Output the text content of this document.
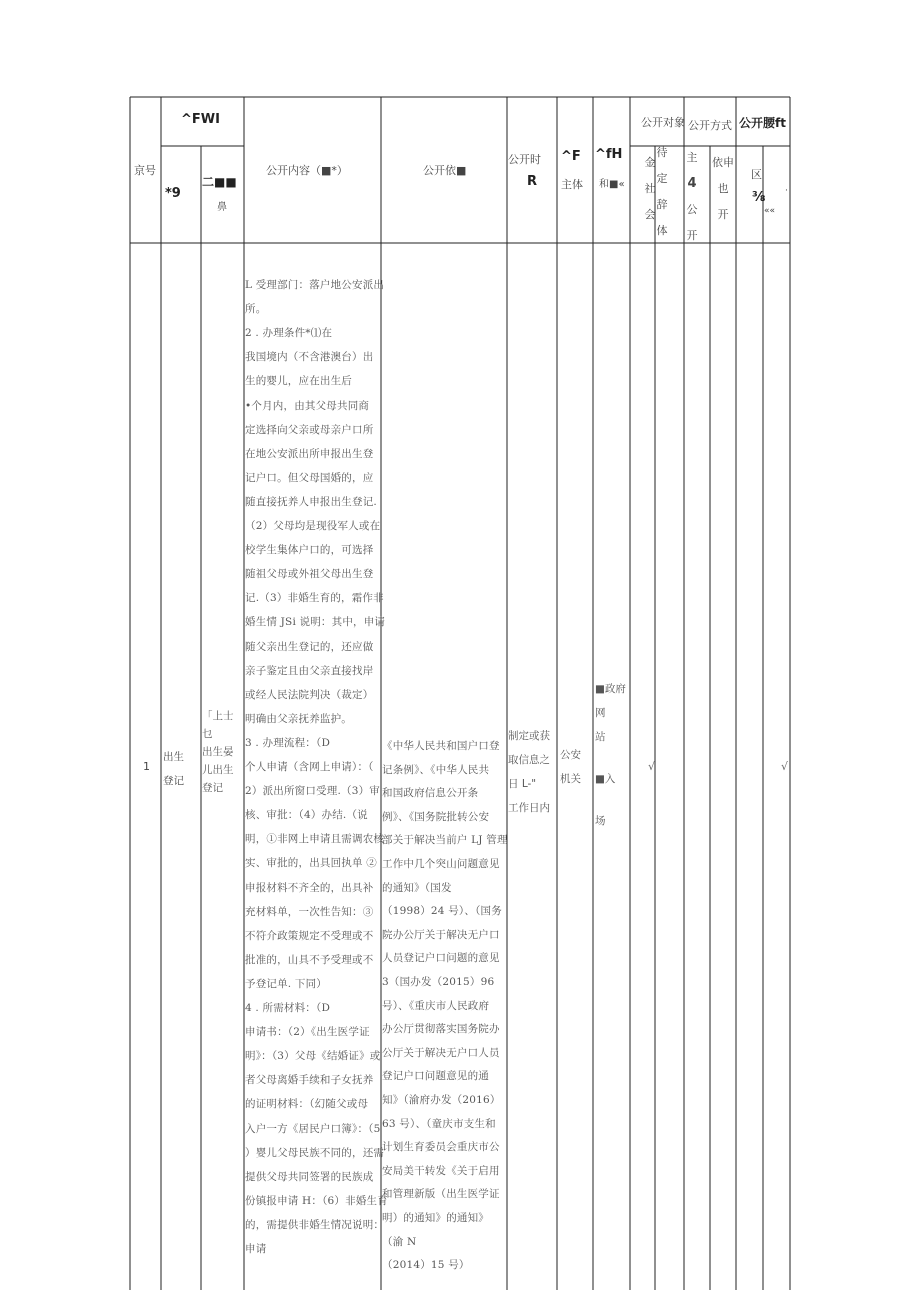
京号
^FWI
*9
二■■
鼻
公开内容（■*）	公开依■
公开时
R
^F
主体
^fH
和■«
公开对象 公开方式 公开腰ft
金
社
会
待
定
辞
体
主
4
公
开
依申
也
开
区
⅜
««
·
1
出生
登记
「上士
乜
出生晏
儿出生
登记
L 受理部门：落户地公安派出
所。
2 . 办理条件*⑴在
我国境内（不含港澳台）出
生的婴儿，应在出生后
•个月内，由其父母共同商
定选择向父亲或母亲户口所
在地公安派出所申报出生登
记户口。但父母国婚的，应
随直接抚养人申报出生登记.
（2）父母均是现役军人或在
校学生集体户口的，可选择
随祖父母或外祖父母出生登
记.（3）非婚生育的，霜作非
婚生情 JSi 说明：其中，申请
随父亲出生登记的，还应做
亲子鉴定且由父亲直接找岸
或经人民法院判决（裁定）
明确由父亲抚养监护。
3 . 办理流程：（D
个人申请（含网上申请）：（
2）派出所窗口受理.（3）审
核、审批：（4）办结.（说
明，①非网上申请且需调农核
实、审批的，出具回执单 ②
申报材料不齐全的，出具补
充材料单，一次性告知：③
不符介政策规定不受理或不
批准的，山具不予受理或不
予登记单. 下同）
4 . 所需材料：（D
申请书：（2）《出生医学证
明》：（3）父母《结婚证》或
者父母离婚手续和子女抚养
的证明材料：（幻随父或母
入户一方《居民户口簿》：（5
）婴儿父母民族不同的，还需
提供父母共同签署的民族成
份镇报申请 H：（6）非婚生育
的，需提供非婚生情况说明：
申请
《中华人民共和国户口登
记条例》、《中华人民共
和国政府信息公开条
例》、《国务院批转公安
部关于解决当前户 LJ 管理
工作中几个突山问题意见
的通知》（国发
（1998）24 号）、（国务
院办公厅关于解决无户口
人员登记户口问题的意见
3（国办发（2015）96
号）、《重庆市人民政府
办公厅贯彻落实国务院办
公厅关于解决无户口人员
登记户口问题意见的通
知》（渝府办发（2016）
63 号）、（童庆市支生和
计划生育委员会重庆市公
安局美干转发《关于启用
和管理新版（出生医学证
明）的通知》的通知》
（渝 N
（2014）15 号）
制定或获
取信息之
日 L-"
工作日内
公安
机关
■政府
网
站
■入
场
√	√
